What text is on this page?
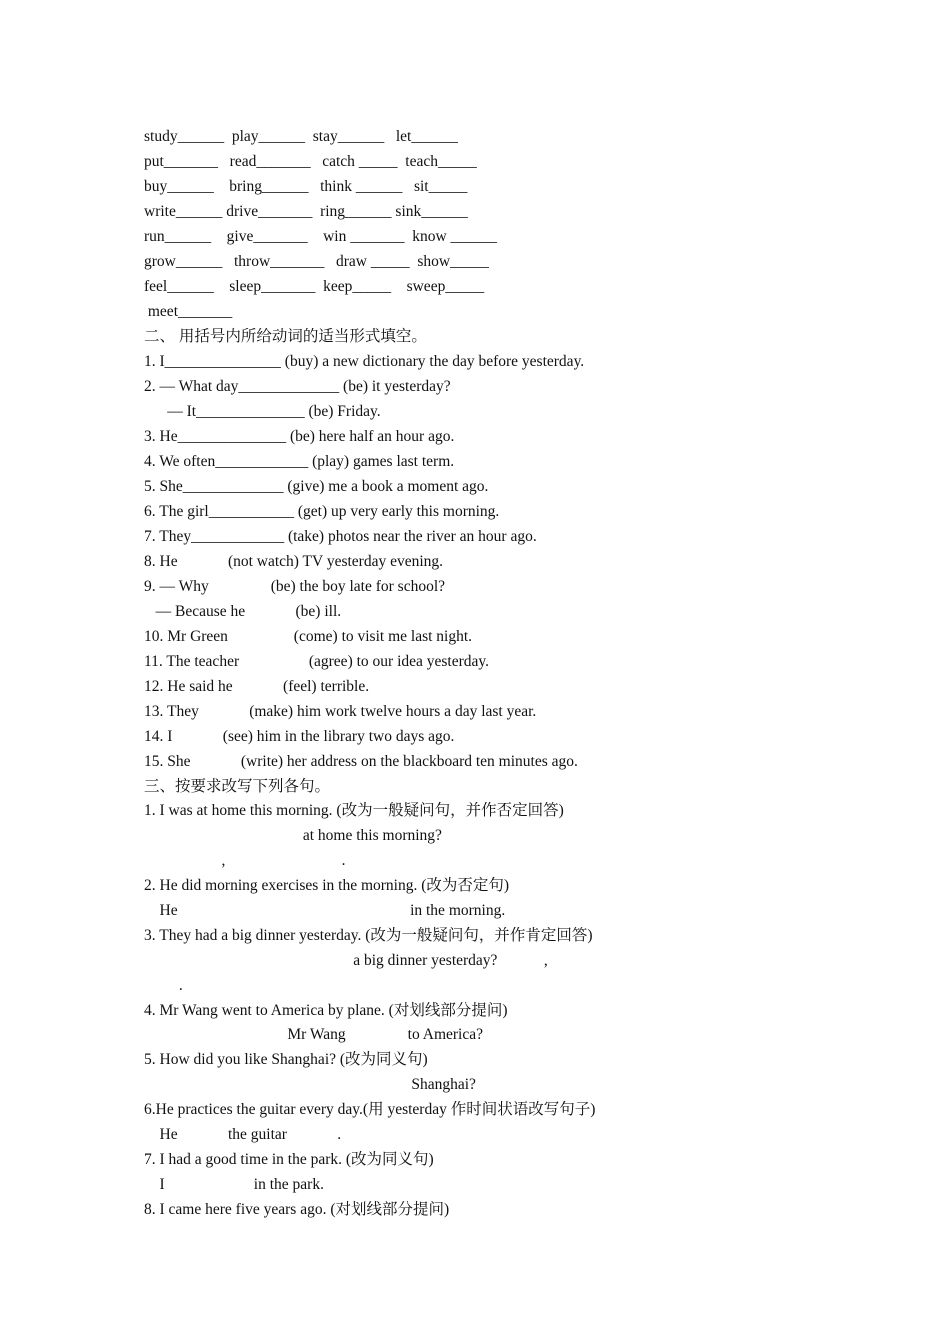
study______  play______  stay______   let______
put_______   read_______   catch _____  teach_____
buy______    bring______   think ______   sit_____
write______ drive_______  ring______ sink______
run______    give_______    win _______  know ______
grow______   throw_______   draw _____  show_____
feel______    sleep_______  keep_____    sweep_____
meet_______
二、 用括号内所给动词的适当形式填空。
1. I_______________ (buy) a new dictionary the day before yesterday.
2. — What day_____________ (be) it yesterday?
— It______________ (be) Friday.
3. He______________ (be) here half an hour ago.
4. We often____________ (play) games last term.
5. She_____________ (give) me a book a moment ago.
6. The girl___________ (get) up very early this morning.
7. They____________ (take) photos near the river an hour ago.
8. He             (not watch) TV yesterday evening.
9. — Why                (be) the boy late for school?
— Because he             (be) ill.
10. Mr Green                 (come) to visit me last night.
11. The teacher                  (agree) to our idea yesterday.
12. He said he             (feel) terrible.
13. They             (make) him work twelve hours a day last year.
14. I             (see) him in the library two days ago.
15. She             (write) her address on the blackboard ten minutes ago.
三、按要求改写下列各句。
1. I was at home this morning. (改为一般疑问句，并作否定回答)
at home this morning?
,                              .
2. He did morning exercises in the morning. (改为否定句)
He                                                            in the morning.
3. They had a big dinner yesterday. (改为一般疑问句，并作肯定回答)
a big dinner yesterday?            ,
.
4. Mr Wang went to America by plane. (对划线部分提问)
Mr Wang                to America?
5. How did you like Shanghai? (改为同义句)
Shanghai?
6.He practices the guitar every day.(用 yesterday 作时间状语改写句子)
He             the guitar             .
7. I had a good time in the park. (改为同义句)
I                       in the park.
8. I came here five years ago. (对划线部分提问)
